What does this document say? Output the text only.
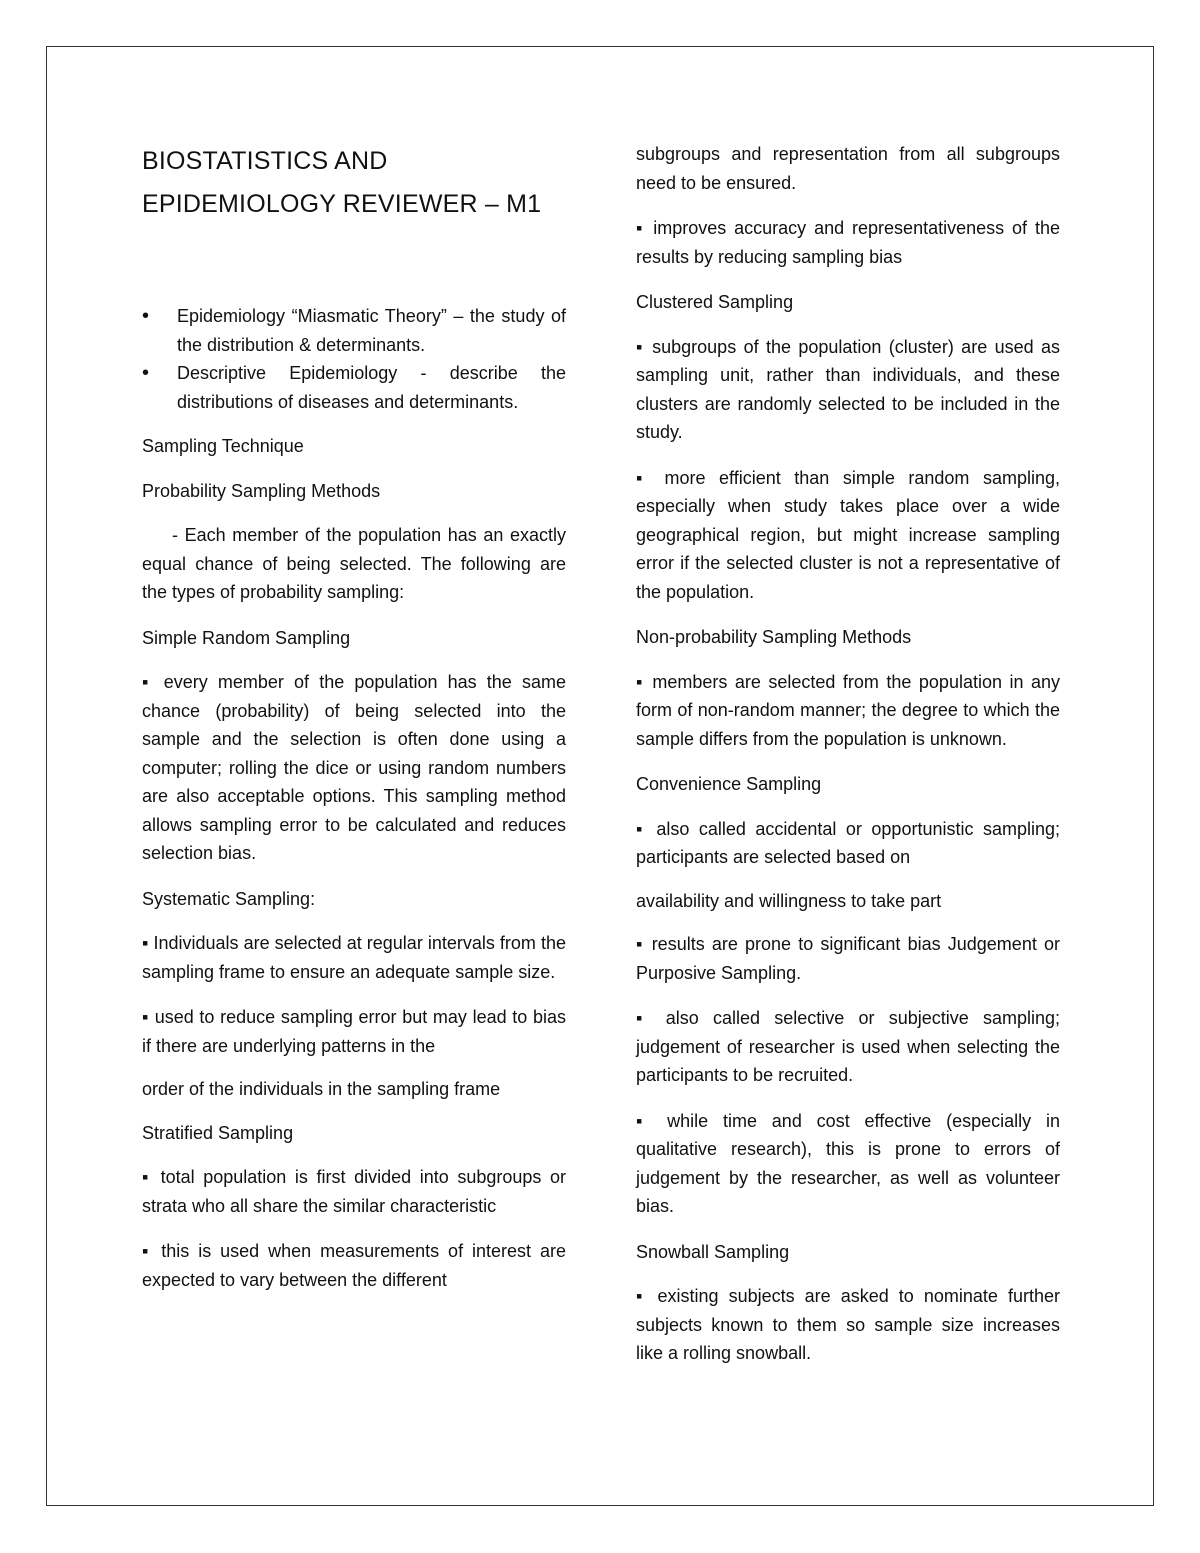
BIOSTATISTICS AND EPIDEMIOLOGY REVIEWER – M1
• Epidemiology “Miasmatic Theory” – the study of the distribution & determinants.
• Descriptive Epidemiology - describe the distributions of diseases and determinants.

Sampling Technique

Probability Sampling Methods

- Each member of the population has an exactly equal chance of being selected. The following are the types of probability sampling:

Simple Random Sampling

▪ every member of the population has the same chance (probability) of being selected into the sample and the selection is often done using a computer; rolling the dice or using random numbers are also acceptable options. This sampling method allows sampling error to be calculated and reduces selection bias.

Systematic Sampling:

▪ Individuals are selected at regular intervals from the sampling frame to ensure an adequate sample size.

▪ used to reduce sampling error but may lead to bias if there are underlying patterns in the

order of the individuals in the sampling frame

Stratified Sampling

▪ total population is first divided into subgroups or strata who all share the similar characteristic

▪ this is used when measurements of interest are expected to vary between the different

subgroups and representation from all subgroups need to be ensured.

▪ improves accuracy and representativeness of the results by reducing sampling bias

Clustered Sampling

▪ subgroups of the population (cluster) are used as sampling unit, rather than individuals, and these clusters are randomly selected to be included in the study.

▪ more efficient than simple random sampling, especially when study takes place over a wide geographical region, but might increase sampling error if the selected cluster is not a representative of the population.

Non-probability Sampling Methods

▪ members are selected from the population in any form of non-random manner; the degree to which the sample differs from the population is unknown.

Convenience Sampling

▪ also called accidental or opportunistic sampling; participants are selected based on

availability and willingness to take part

▪ results are prone to significant bias Judgement or Purposive Sampling.

▪ also called selective or subjective sampling; judgement of researcher is used when selecting the participants to be recruited.

▪ while time and cost effective (especially in qualitative research), this is prone to errors of judgement by the researcher, as well as volunteer bias.

Snowball Sampling

▪ existing subjects are asked to nominate further subjects known to them so sample size increases like a rolling snowball.
